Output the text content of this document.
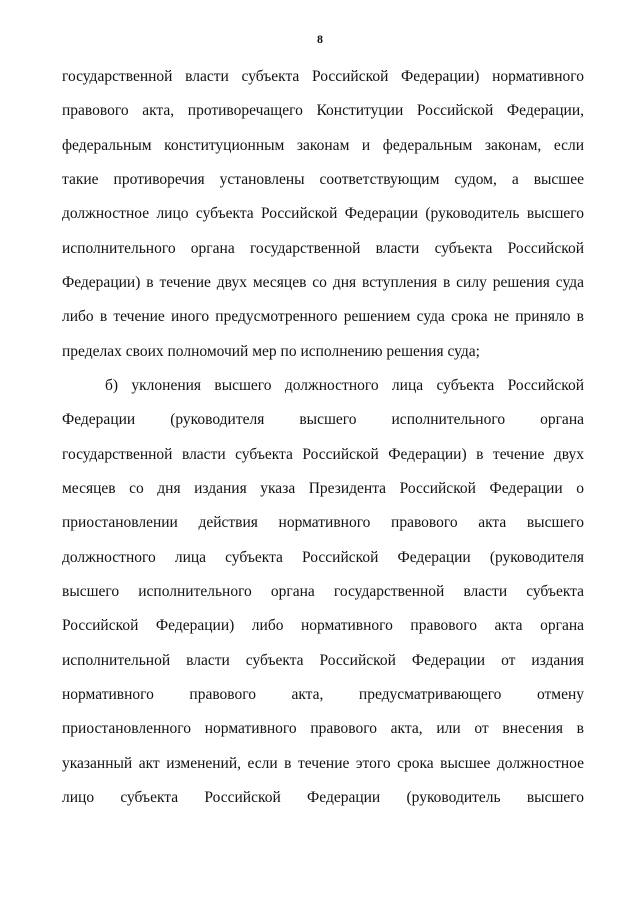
8
государственной власти субъекта Российской Федерации) нормативного
правового акта, противоречащего Конституции Российской Федерации,
федеральным конституционным законам и федеральным законам, если
такие противоречия установлены соответствующим судом, а высшее
должностное лицо субъекта Российской Федерации (руководитель высшего
исполнительного органа государственной власти субъекта Российской
Федерации) в течение двух месяцев со дня вступления в силу решения суда
либо в течение иного предусмотренного решением суда срока не приняло в
пределах своих полномочий мер по исполнению решения суда;
б) уклонения высшего должностного лица субъекта Российской
Федерации (руководителя высшего исполнительного органа
государственной власти субъекта Российской Федерации) в течение двух
месяцев со дня издания указа Президента Российской Федерации о
приостановлении действия нормативного правового акта высшего
должностного лица субъекта Российской Федерации (руководителя
высшего исполнительного органа государственной власти субъекта
Российской Федерации) либо нормативного правового акта органа
исполнительной власти субъекта Российской Федерации от издания
нормативного правового акта, предусматривающего отмену
приостановленного нормативного правового акта, или от внесения в
указанный акт изменений, если в течение этого срока высшее должностное
лицо субъекта Российской Федерации (руководитель высшего
